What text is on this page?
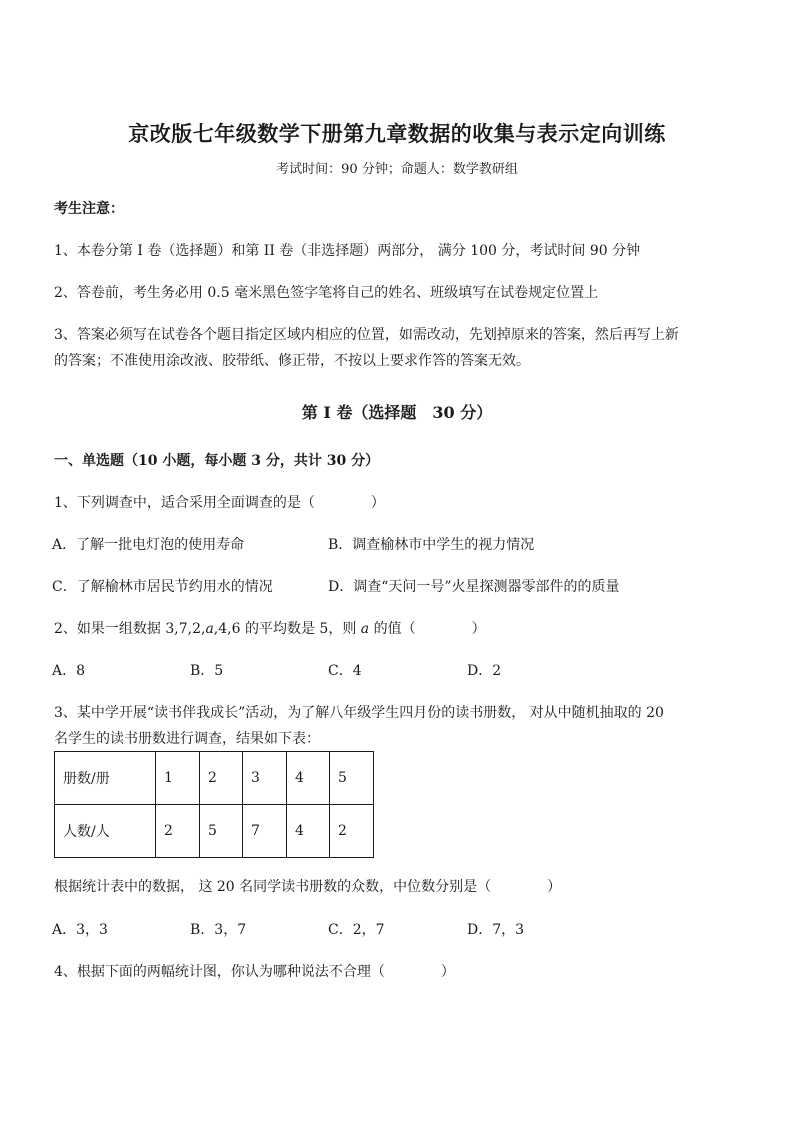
京改版七年级数学下册第九章数据的收集与表示定向训练
考试时间：90 分钟；命题人：数学教研组
考生注意：
1、本卷分第 I 卷（选择题）和第 II 卷（非选择题）两部分， 满分 100 分，考试时间 90 分钟
2、答卷前，考生务必用 0.5 毫米黑色签字笔将自己的姓名、班级填写在试卷规定位置上
3、答案必须写在试卷各个题目指定区域内相应的位置，如需改动，先划掉原来的答案，然后再写上新
的答案；不准使用涂改液、胶带纸、修正带，不按以上要求作答的答案无效。
第 I 卷（选择题　30 分）
一、单选题（10 小题，每小题 3 分，共计 30 分）
1、下列调查中，适合采用全面调查的是（　　　　）
A．了解一批电灯泡的使用寿命	B．调查榆林市中学生的视力情况
C．了解榆林市居民节约用水的情况	D．调查“天问一号”火星探测器零部件的的质量
2、如果一组数据 3,7,2,a,4,6 的平均数是 5，则 a 的值（　　　　）
A．8	B．5	C．4	D．2
3、某中学开展“读书伴我成长”活动，为了解八年级学生四月份的读书册数， 对从中随机抽取的 20
名学生的读书册数进行调查，结果如下表：
册数/册	1	2	3	4	5
人数/人	2	5	7	4	2
根据统计表中的数据， 这 20 名同学读书册数的众数，中位数分别是（　　　　）
A．3，3	B．3，7	C．2，7	D．7，3
4、根据下面的两幅统计图，你认为哪种说法不合理（　　　　）
